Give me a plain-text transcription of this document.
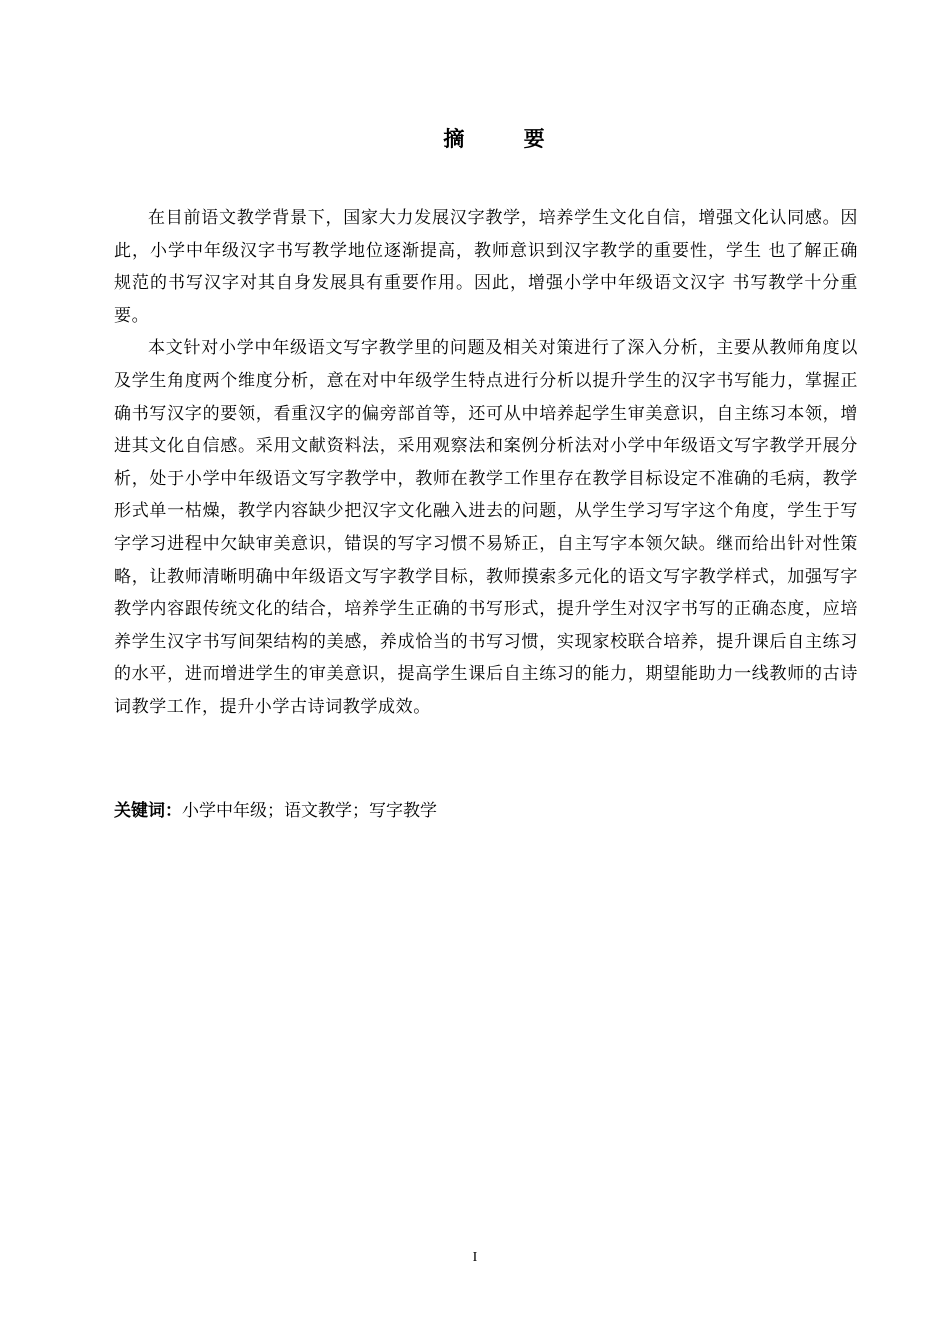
摘 要

在目前语文教学背景下，国家大力发展汉字教学，培养学生文化自信，增强文化认同感。因此，小学中年级汉字书写教学地位逐渐提高，教师意识到汉字教学的重要性，学生 也了解正确规范的书写汉字对其自身发展具有重要作用。因此，增强小学中年级语文汉字 书写教学十分重要。

本文针对小学中年级语文写字教学里的问题及相关对策进行了深入分析，主要从教师角度以及学生角度两个维度分析，意在对中年级学生特点进行分析以提升学生的汉字书写能力，掌握正确书写汉字的要领，看重汉字的偏旁部首等，还可从中培养起学生审美意识，自主练习本领，增进其文化自信感。采用文献资料法，采用观察法和案例分析法对小学中年级语文写字教学开展分析，处于小学中年级语文写字教学中，教师在教学工作里存在教学目标设定不准确的毛病，教学形式单一枯燥，教学内容缺少把汉字文化融入进去的问题，从学生学习写字这个角度，学生于写字学习进程中欠缺审美意识，错误的写字习惯不易矫正，自主写字本领欠缺。继而给出针对性策略，让教师清晰明确中年级语文写字教学目标，教师摸索多元化的语文写字教学样式，加强写字教学内容跟传统文化的结合，培养学生正确的书写形式，提升学生对汉字书写的正确态度，应培养学生汉字书写间架结构的美感，养成恰当的书写习惯，实现家校联合培养，提升课后自主练习的水平，进而增进学生的审美意识，提高学生课后自主练习的能力，期望能助力一线教师的古诗词教学工作，提升小学古诗词教学成效。

关键词：小学中年级；语文教学；写字教学
I
